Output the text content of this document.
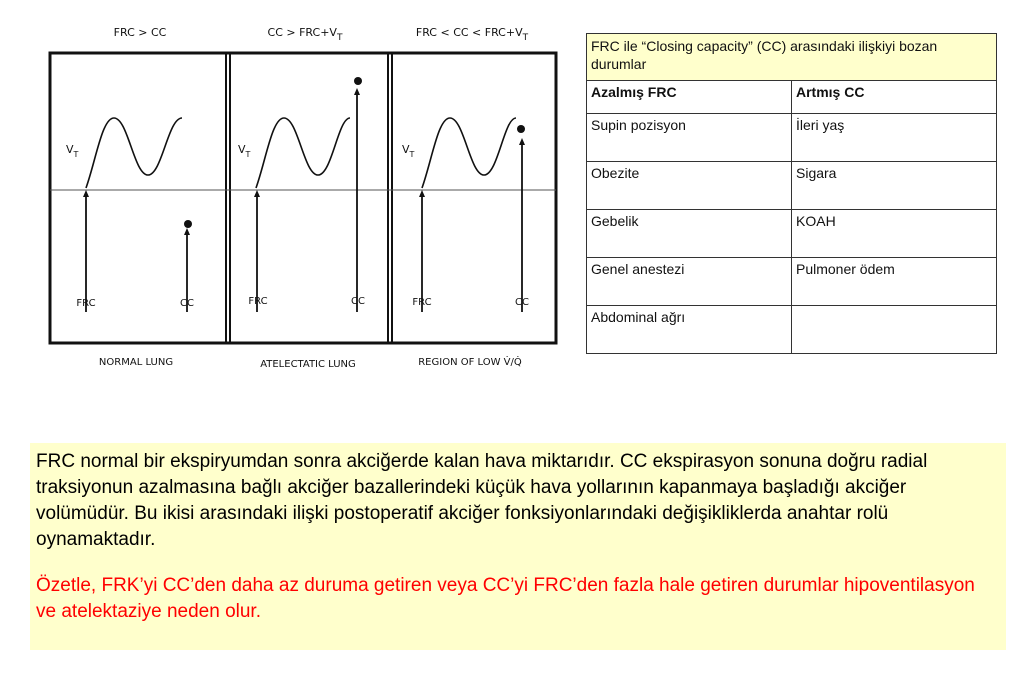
FRC > CC	CC > $FRC+V_T$	FRC < CC < $FRC+V_T$
$V_T$
FRC	CC
NORMAL LUNG
$V_T$
FRC	CC
ATELECTATIC LUNG
$V_T$
FRC	CC
REGION OF LOW V̇/Q̇
FRC ile “Closing capacity” (CC) arasındaki ilişkiyi bozan durumlar	
Azalmış FRC	Artmış CC
Supin pozisyon	İleri yaş
Obezite	Sigara
Gebelik	KOAH
Genel anestezi	Pulmoner ödem
Abdominal ağrı	

FRC normal bir ekspiryumdan sonra akciğerde kalan hava miktarıdır. CC ekspirasyon sonuna doğru radial traksiyonun azalmasına bağlı akciğer bazallerindeki küçük hava yollarının kapanmaya başladığı akciğer volümüdür. Bu ikisi arasındaki ilişki postoperatif akciğer fonksiyonlarındaki değişikliklerda anahtar rolü oynamaktadır.

Özetle, FRK’yi CC’den daha az duruma getiren veya CC’yi FRC’den fazla hale getiren durumlar hipoventilasyon ve atelektaziye neden olur.
